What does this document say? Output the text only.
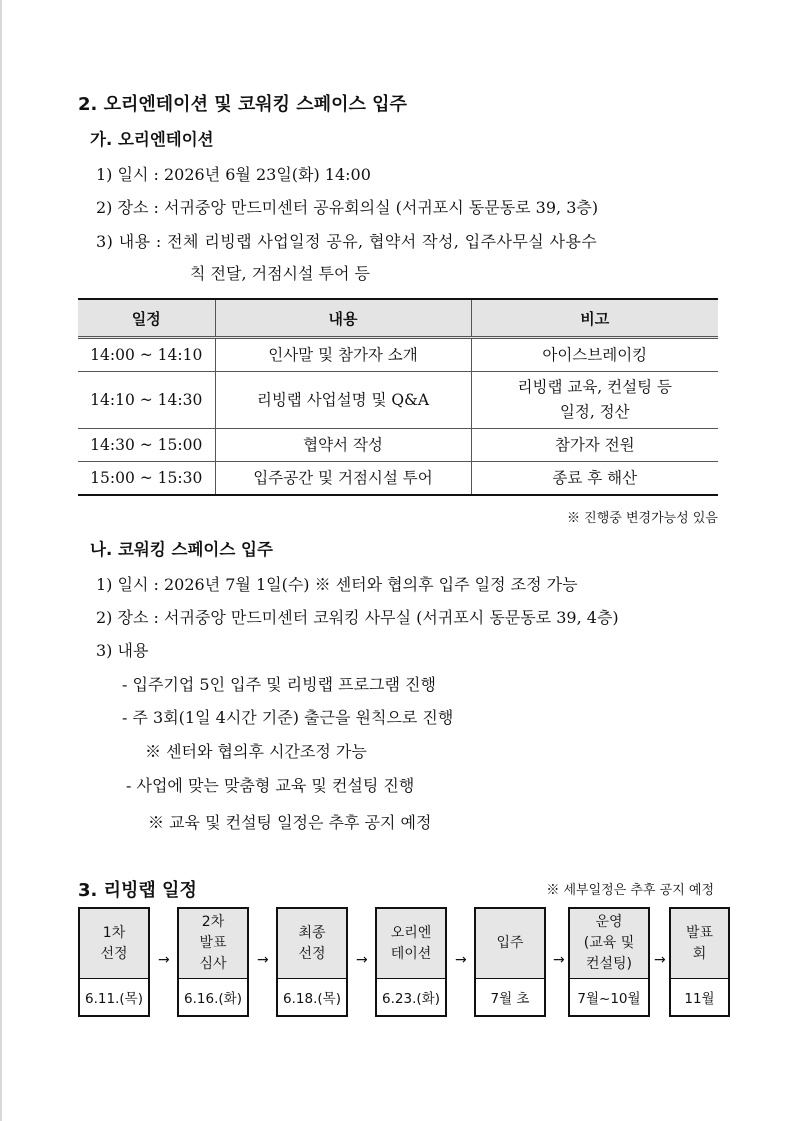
2. 오리엔테이션 및 코워킹 스페이스 입주
가. 오리엔테이션
1) 일시 : 2026년 6월 23일(화) 14:00
2) 장소 : 서귀중앙 만드미센터 공유회의실 (서귀포시 동문동로 39, 3층)
3) 내용 : 전체 리빙랩 사업일정 공유, 협약서 작성, 입주사무실 사용수
칙 전달, 거점시설 투어 등
일정	내용	비고
14:00 ~ 14:10	인사말 및 참가자 소개	아이스브레이킹
14:10 ~ 14:30	리빙랩 사업설명 및 Q&A	리빙랩 교육, 컨설팅 등
일정, 정산

14:30 ~ 15:00	협약서 작성	참가자 전원
15:00 ~ 15:30	입주공간 및 거점시설 투어	종료 후 해산
※ 진행중 변경가능성 있음
나. 코워킹 스페이스 입주
1) 일시 : 2026년 7월 1일(수) ※ 센터와 협의후 입주 일정 조정 가능
2) 장소 : 서귀중앙 만드미센터 코워킹 사무실 (서귀포시 동문동로 39, 4층)
3) 내용
- 입주기업 5인 입주 및 리빙랩 프로그램 진행
- 주 3회(1일 4시간 기준) 출근을 원칙으로 진행
※ 센터와 협의후 시간조정 가능
- 사업에 맞는 맞춤형 교육 및 컨설팅 진행
※ 교육 및 컨설팅 일정은 추후 공지 예정
3. 리빙랩 일정	※ 세부일정은 추후 공지 예정
1차
선정
6.11.(목)
→
2차
발표
심사
6.16.(화)
→
최종
선정
6.18.(목)
→
오리엔
테이션
6.23.(화)
→
입주
7월 초
→
운영
(교육 및
컨설팅)
7월~10월
→
발표
회
11월
